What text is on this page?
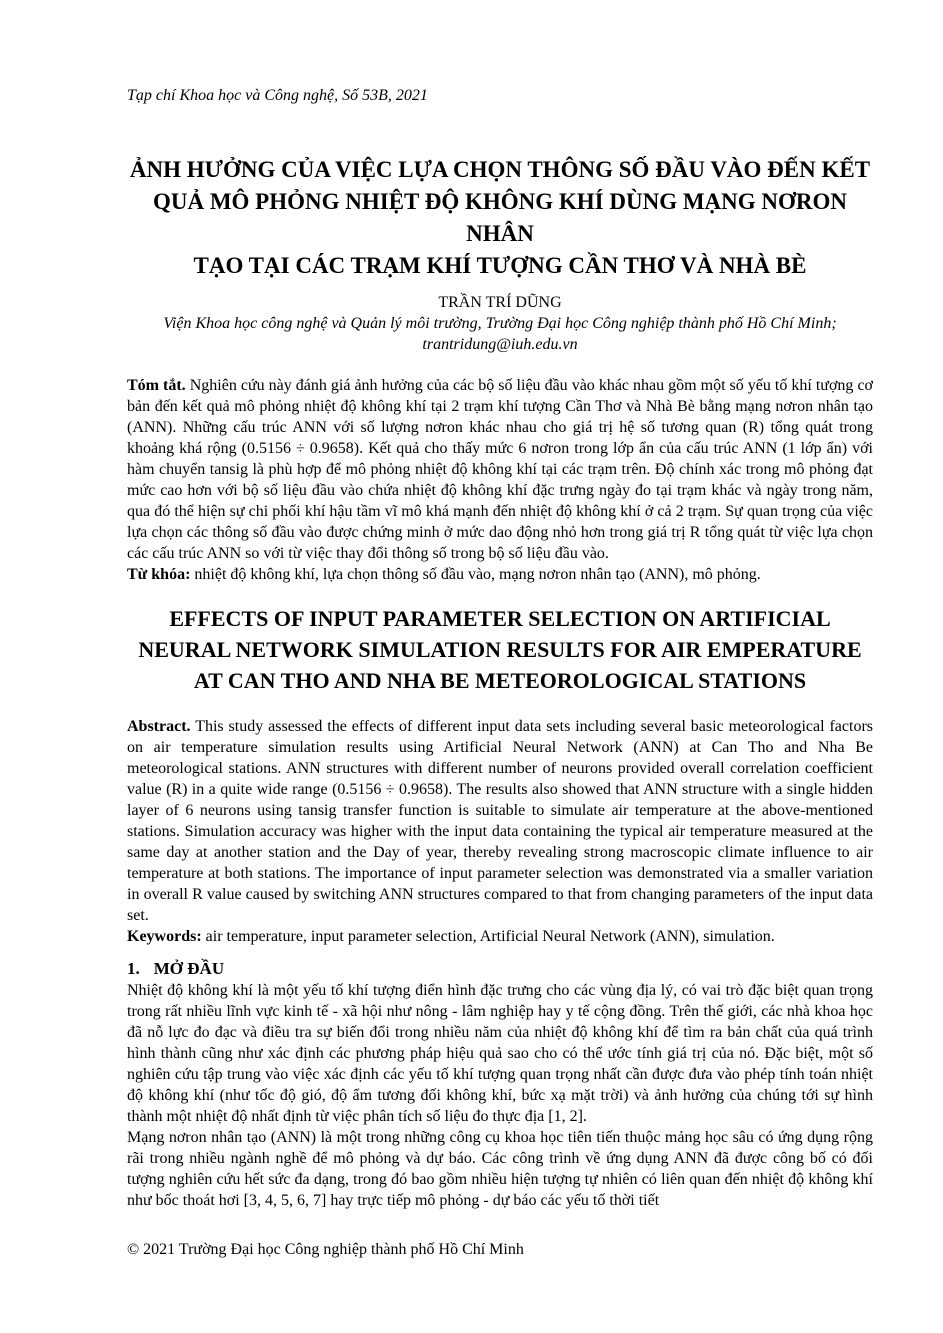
Tạp chí Khoa học và Công nghệ, Số 53B, 2021
ẢNH HƯỞNG CỦA VIỆC LỰA CHỌN THÔNG SỐ ĐẦU VÀO ĐẾN KẾT
QUẢ MÔ PHỎNG NHIỆT ĐỘ KHÔNG KHÍ DÙNG MẠNG NƠRON NHÂN
TẠO TẠI CÁC TRẠM KHÍ TƯỢNG CẦN THƠ VÀ NHÀ BÈ
TRẦN TRÍ DŨNG
Viện Khoa học công nghệ và Quản lý môi trường, Trường Đại học Công nghiệp thành phố Hồ Chí Minh;
trantridung@iuh.edu.vn

Tóm tắt. Nghiên cứu này đánh giá ảnh hưởng của các bộ số liệu đầu vào khác nhau gồm một số yếu tố khí tượng cơ bản đến kết quả mô phỏng nhiệt độ không khí tại 2 trạm khí tượng Cần Thơ và Nhà Bè bằng mạng nơron nhân tạo (ANN). Những cấu trúc ANN với số lượng nơron khác nhau cho giá trị hệ số tương quan (R) tổng quát trong khoảng khá rộng (0.5156 ÷ 0.9658). Kết quả cho thấy mức 6 nơron trong lớp ẩn của cấu trúc ANN (1 lớp ẩn) với hàm chuyển tansig là phù hợp để mô phỏng nhiệt độ không khí tại các trạm trên. Độ chính xác trong mô phỏng đạt mức cao hơn với bộ số liệu đầu vào chứa nhiệt độ không khí đặc trưng ngày đo tại trạm khác và ngày trong năm, qua đó thể hiện sự chi phối khí hậu tầm vĩ mô khá mạnh đến nhiệt độ không khí ở cả 2 trạm. Sự quan trọng của việc lựa chọn các thông số đầu vào được chứng minh ở mức dao động nhỏ hơn trong giá trị R tổng quát từ việc lựa chọn các cấu trúc ANN so với từ việc thay đổi thông số trong bộ số liệu đầu vào.

Từ khóa: nhiệt độ không khí, lựa chọn thông số đầu vào, mạng nơron nhân tạo (ANN), mô phỏng.

EFFECTS OF INPUT PARAMETER SELECTION ON ARTIFICIAL
NEURAL NETWORK SIMULATION RESULTS FOR AIR EMPERATURE
AT CAN THO AND NHA BE METEOROLOGICAL STATIONS

Abstract. This study assessed the effects of different input data sets including several basic meteorological factors on air temperature simulation results using Artificial Neural Network (ANN) at Can Tho and Nha Be meteorological stations. ANN structures with different number of neurons provided overall correlation coefficient value (R) in a quite wide range (0.5156 ÷ 0.9658). The results also showed that ANN structure with a single hidden layer of 6 neurons using tansig transfer function is suitable to simulate air temperature at the above-mentioned stations. Simulation accuracy was higher with the input data containing the typical air temperature measured at the same day at another station and the Day of year, thereby revealing strong macroscopic climate influence to air temperature at both stations. The importance of input parameter selection was demonstrated via a smaller variation in overall R value caused by switching ANN structures compared to that from changing parameters of the input data set.

Keywords: air temperature, input parameter selection, Artificial Neural Network (ANN), simulation.

1. MỞ ĐẦU

Nhiệt độ không khí là một yếu tố khí tượng điển hình đặc trưng cho các vùng địa lý, có vai trò đặc biệt quan trọng trong rất nhiều lĩnh vực kinh tế - xã hội như nông - lâm nghiệp hay y tế cộng đồng. Trên thế giới, các nhà khoa học đã nỗ lực đo đạc và điều tra sự biến đổi trong nhiều năm của nhiệt độ không khí để tìm ra bản chất của quá trình hình thành cũng như xác định các phương pháp hiệu quả sao cho có thể ước tính giá trị của nó. Đặc biệt, một số nghiên cứu tập trung vào việc xác định các yếu tố khí tượng quan trọng nhất cần được đưa vào phép tính toán nhiệt độ không khí (như tốc độ gió, độ ẩm tương đối không khí, bức xạ mặt trời) và ảnh hưởng của chúng tới sự hình thành một nhiệt độ nhất định từ việc phân tích số liệu đo thực địa [1, 2].

Mạng nơron nhân tạo (ANN) là một trong những công cụ khoa học tiên tiến thuộc mảng học sâu có ứng dụng rộng rãi trong nhiều ngành nghề để mô phỏng và dự báo. Các công trình về ứng dụng ANN đã được công bố có đối tượng nghiên cứu hết sức đa dạng, trong đó bao gồm nhiều hiện tượng tự nhiên có liên quan đến nhiệt độ không khí như bốc thoát hơi [3, 4, 5, 6, 7] hay trực tiếp mô phỏng - dự báo các yếu tố thời tiết

© 2021 Trường Đại học Công nghiệp thành phố Hồ Chí Minh
